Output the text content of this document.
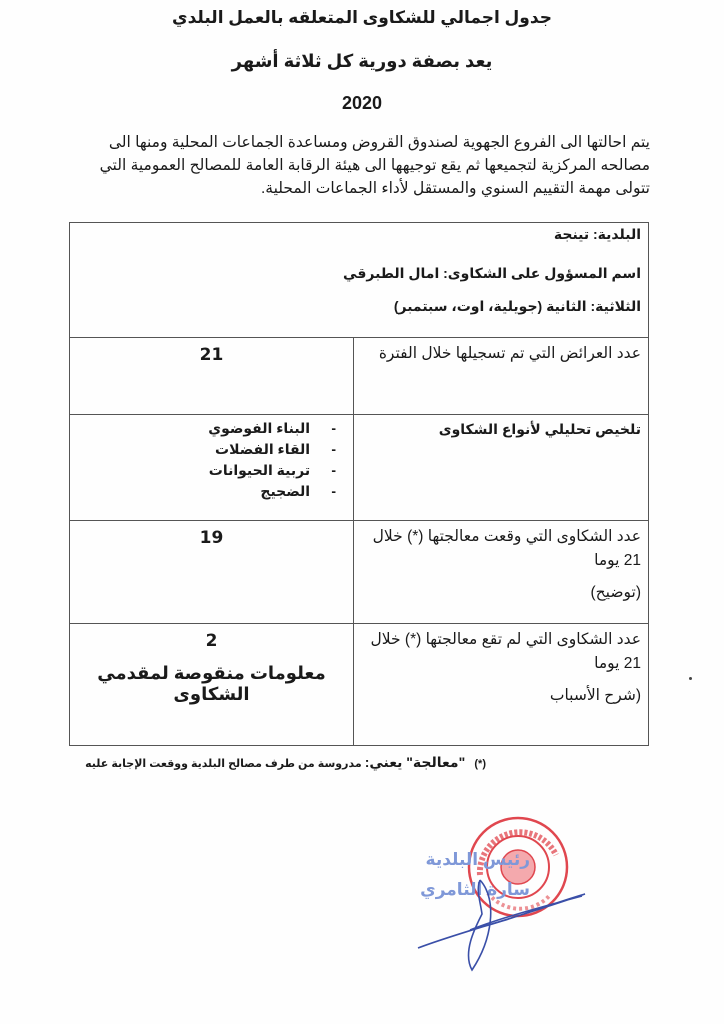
جدول اجمالي للشكاوى المتعلقه بالعمل البلدي
يعد بصفة دورية كل ثلاثة أشهر
2020

يتم احالتها الى الفروع الجهوية لصندوق القروض ومساعدة الجماعات المحلية ومنها الى

مصالحه المركزية لتجميعها ثم يقع توجيهها الى هيئة الرقابة العامة للمصالح العمومية التي

تتولى مهمة التقييم السنوي والمستقل لأداء الجماعات المحلية.

البلدية: تينجة
اسم المسؤول على الشكاوى: امال الطبرقي
الثلاثية: الثانية (جويلية، اوت، سبتمبر)
عدد العرائض التي تم تسجيلها خلال الفترة
21
تلخيص تحليلي لأنواع الشكاوى
- البناء الفوضوي
- القاء الفضلات
- تربية الحيوانات
- الضجيج
عدد الشكاوى التي وقعت معالجتها (*) خلال
21 يوما
(توضيح)
19
عدد الشكاوى التي لم تقع معالجتها (*) خلال
21 يوما
(شرح الأسباب
2
معلومات منقوصة لمقدمي الشكاوى
(*)   "معالجة" يعني: مدروسة من طرف مصالح البلدية ووقعت الإجابة عليه
رئيس البلدية
سارة الثامري
